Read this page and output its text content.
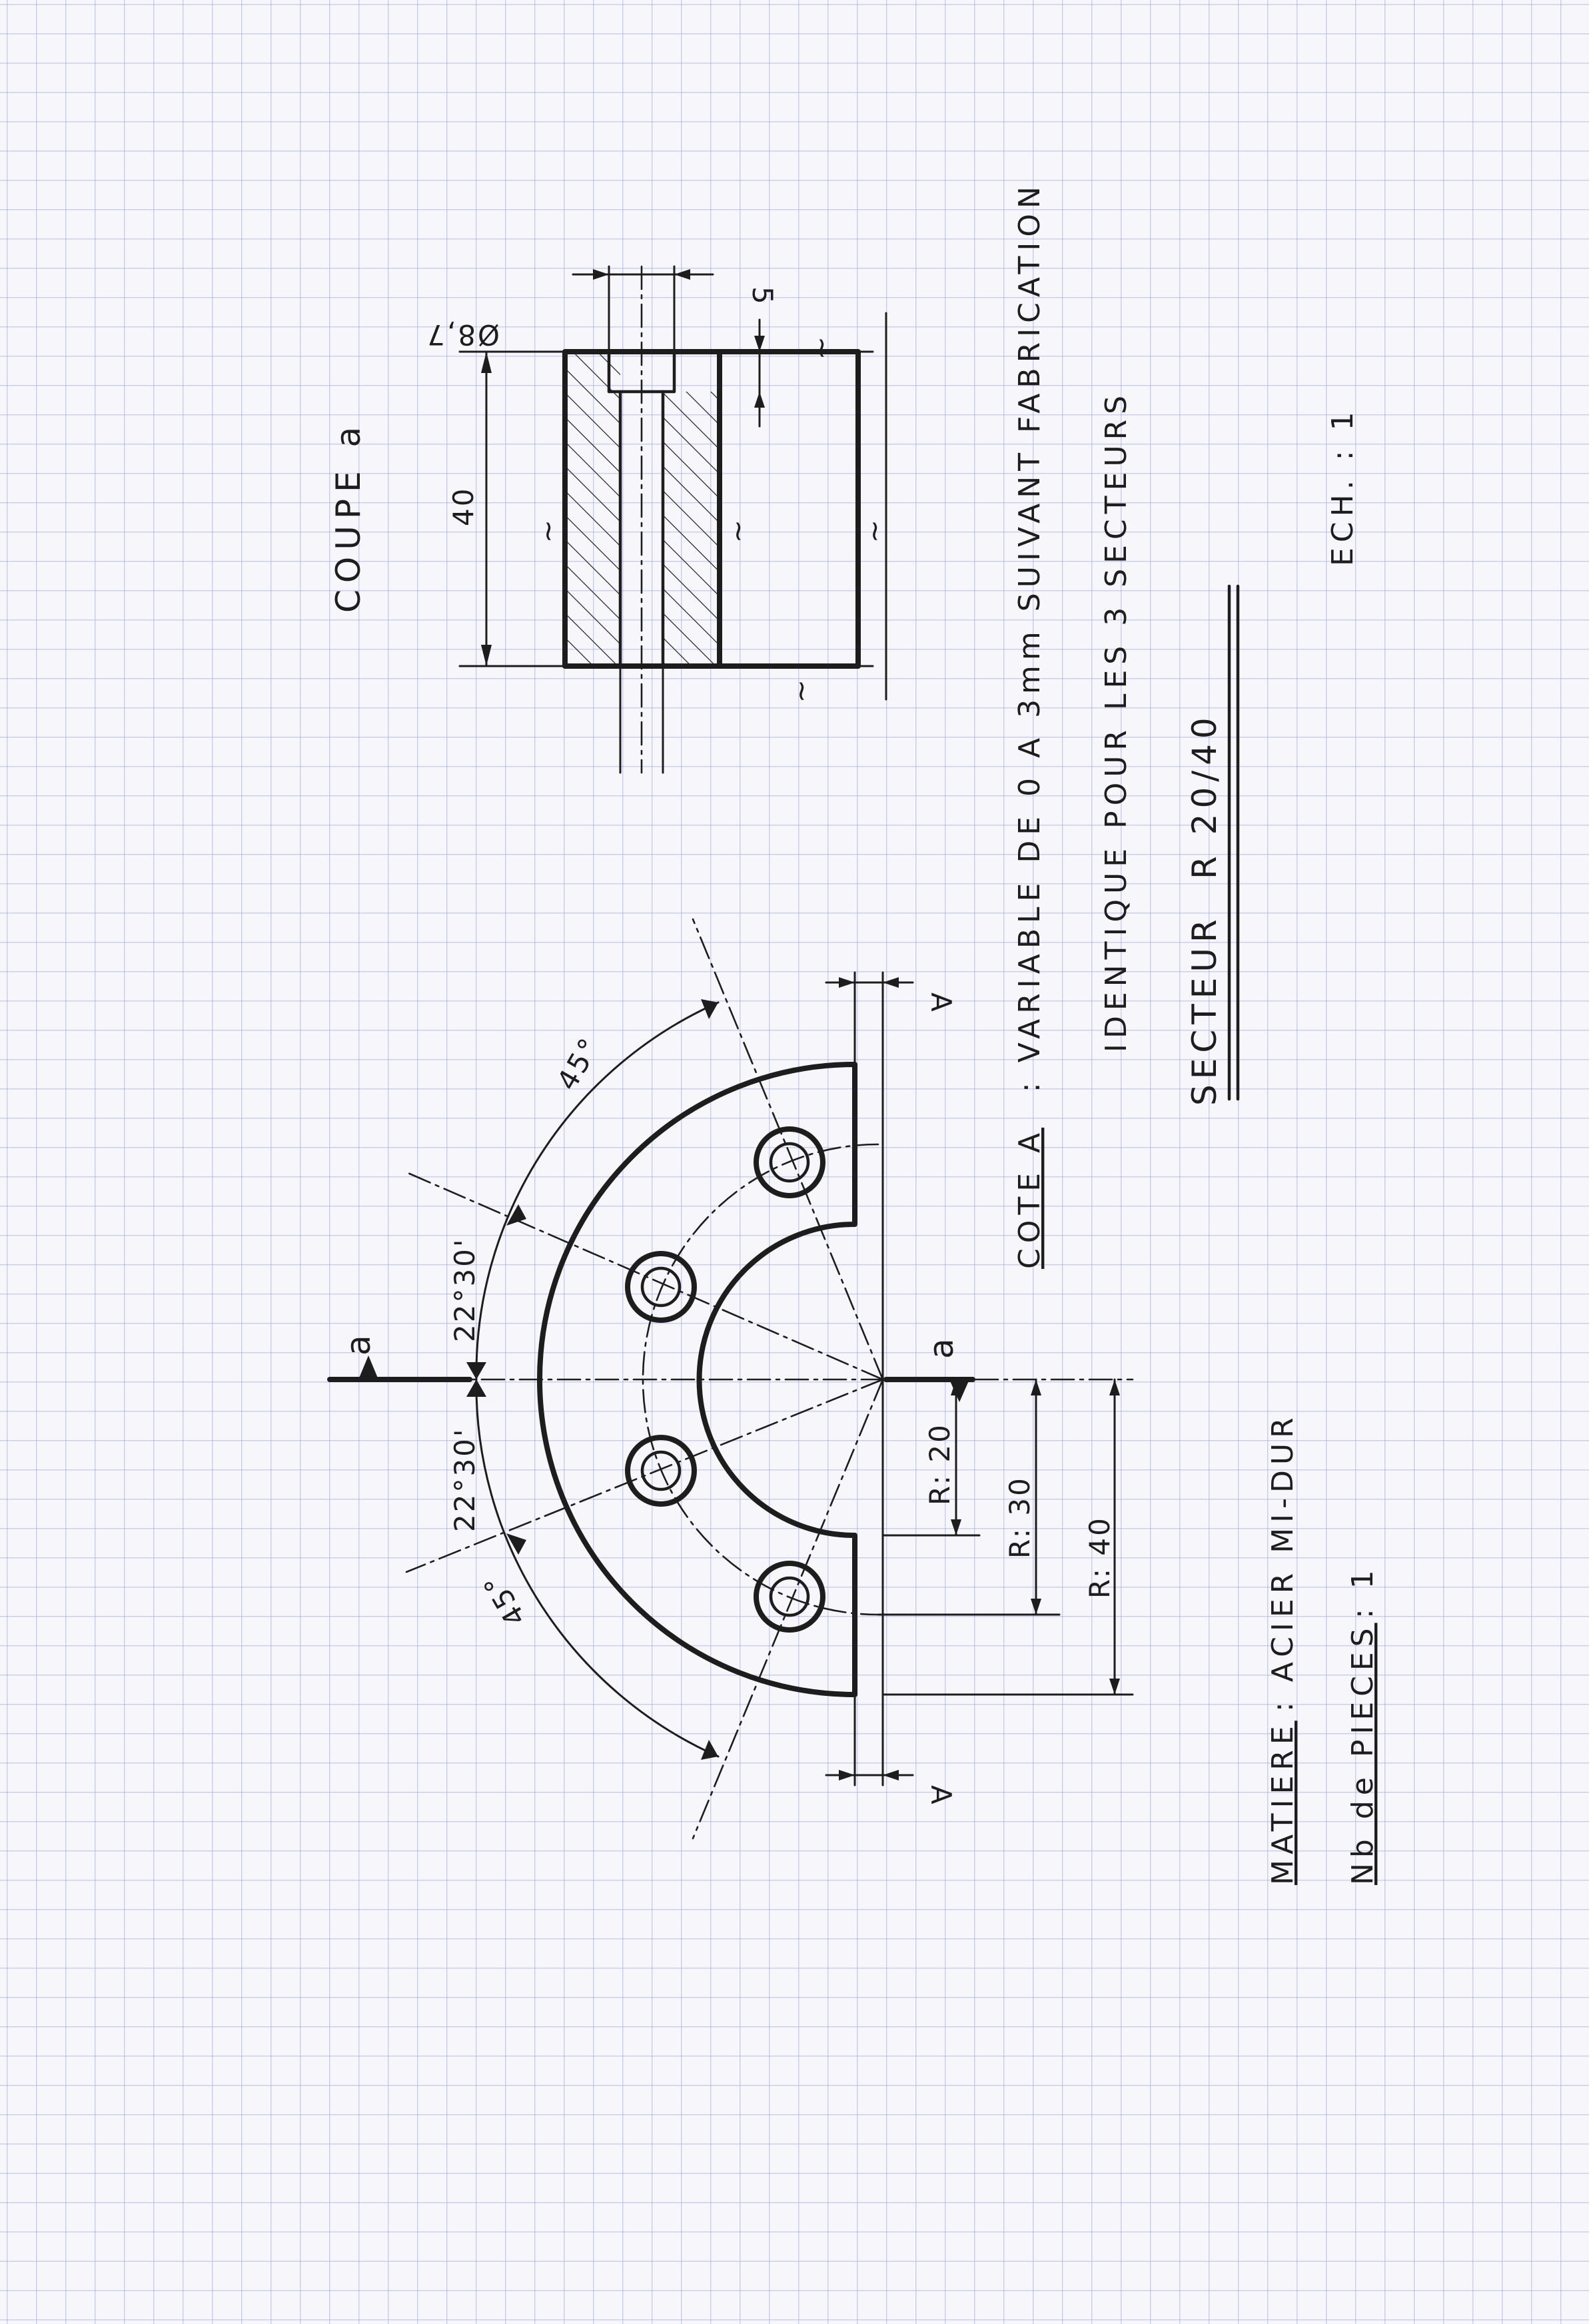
COUPE a	40
Ø8,7
5
∼
∼	∼	∼
∼
a	a
45°
22°30'
22°30'
45°
R: 20
R: 30 R: 40
A
A
COTE A
: VARIABLE DE 0 A 3mm SUIVANT FABRICATION IDENTIQUE POUR LES 3 SECTEURS SECTEUR
R 20/40
ECH. : 1
MATIERE
: ACIER MI-DUR
Nb de PIECES
: 1
